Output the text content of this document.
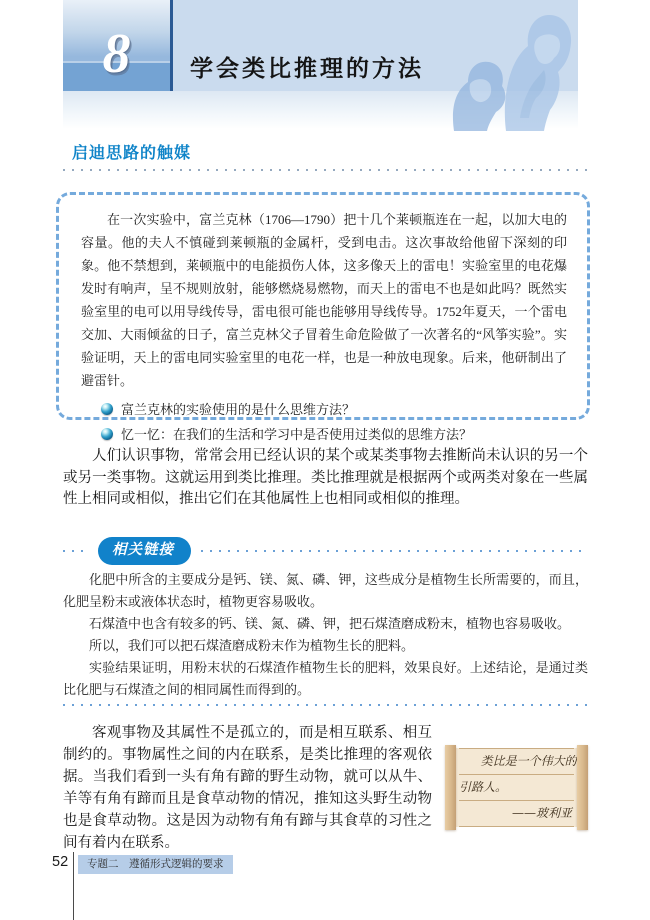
8	学会类比推理的方法
启迪思路的触媒

在一次实验中，富兰克林（1706—1790）把十几个莱顿瓶连在一起，以加大电的容量。他的夫人不慎碰到莱顿瓶的金属杆，受到电击。这次事故给他留下深刻的印象。他不禁想到，莱顿瓶中的电能损伤人体，这多像天上的雷电！实验室里的电花爆发时有响声，呈不规则放射，能够燃烧易燃物，而天上的雷电不也是如此吗？既然实验室里的电可以用导线传导，雷电很可能也能够用导线传导。1752年夏天，一个雷电交加、大雨倾盆的日子，富兰克林父子冒着生命危险做了一次著名的“风筝实验”。实验证明，天上的雷电同实验室里的电花一样，也是一种放电现象。后来，他研制出了避雷针。

富兰克林的实验使用的是什么思维方法？
忆一忆：在我们的生活和学习中是否使用过类似的思维方法？

人们认识事物，常常会用已经认识的某个或某类事物去推断尚未认识的另一个或另一类事物。这就运用到类比推理。类比推理就是根据两个或两类对象在一些属性上相同或相似，推出它们在其他属性上也相同或相似的推理。

相关链接

化肥中所含的主要成分是钙、镁、氮、磷、钾，这些成分是植物生长所需要的，而且，化肥呈粉末或液体状态时，植物更容易吸收。

石煤渣中也含有较多的钙、镁、氮、磷、钾，把石煤渣磨成粉末，植物也容易吸收。

所以，我们可以把石煤渣磨成粉末作为植物生长的肥料。

实验结果证明，用粉末状的石煤渣作植物生长的肥料，效果良好。上述结论，是通过类比化肥与石煤渣之间的相同属性而得到的。

类比是一个伟大的
引路人。
——玻利亚
客观事物及其属性不是孤立的，而是相互联系、相互制约的。事物属性之间的内在联系，是类比推理的客观依据。当我们看到一头有角有蹄的野生动物，就可以从牛、羊等有角有蹄而且是食草动物的情况，推知这头野生动物也是食草动物。这是因为动物有角有蹄与其食草的习性之间有着内在联系。
52	专题二　遵循形式逻辑的要求
